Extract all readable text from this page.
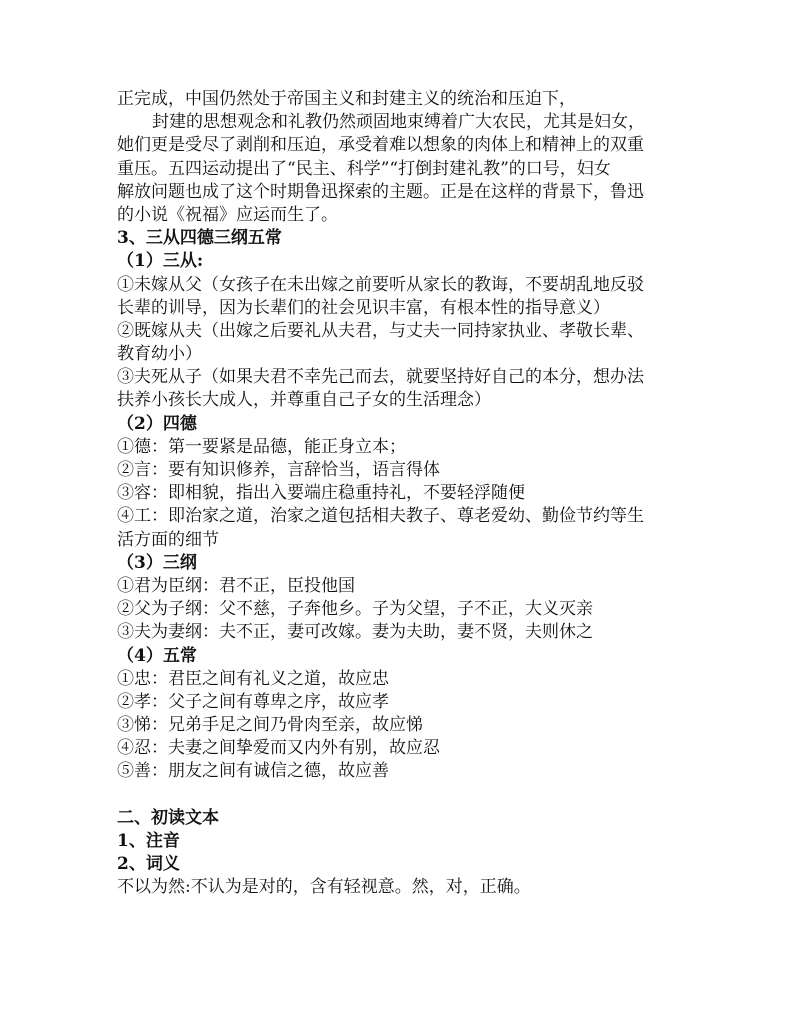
正完成，中国仍然处于帝国主义和封建主义的统治和压迫下，
封建的思想观念和礼教仍然顽固地束缚着广大农民，尤其是妇女，
她们更是受尽了剥削和压迫，承受着难以想象的肉体上和精神上的双重
重压。五四运动提出了“民主、科学”“打倒封建礼教”的口号，妇女
解放问题也成了这个时期鲁迅探索的主题。正是在这样的背景下，鲁迅
的小说《祝福》应运而生了。
3、三从四德三纲五常
（1）三从:
①未嫁从父（女孩子在未出嫁之前要听从家长的教诲，不要胡乱地反驳
长辈的训导，因为长辈们的社会见识丰富，有根本性的指导意义）
②既嫁从夫（出嫁之后要礼从夫君，与丈夫一同持家执业、孝敬长辈、
教育幼小）
③夫死从子（如果夫君不幸先己而去，就要坚持好自己的本分，想办法
扶养小孩长大成人，并尊重自己子女的生活理念）
（2）四德
①德：第一要紧是品德，能正身立本；
②言：要有知识修养，言辞恰当，语言得体
③容：即相貌，指出入要端庄稳重持礼，不要轻浮随便
④工：即治家之道，治家之道包括相夫教子、尊老爱幼、勤俭节约等生
活方面的细节
（3）三纲
①君为臣纲：君不正，臣投他国
②父为子纲：父不慈，子奔他乡。子为父望，子不正，大义灭亲
③夫为妻纲：夫不正，妻可改嫁。妻为夫助，妻不贤，夫则休之
（4）五常
①忠：君臣之间有礼义之道，故应忠
②孝：父子之间有尊卑之序，故应孝
③悌：兄弟手足之间乃骨肉至亲，故应悌
④忍：夫妻之间挚爱而又内外有别，故应忍
⑤善：朋友之间有诚信之德，故应善
二、初读文本
1、注音
2、词义
不以为然:不认为是对的，含有轻视意。然，对，正确。
